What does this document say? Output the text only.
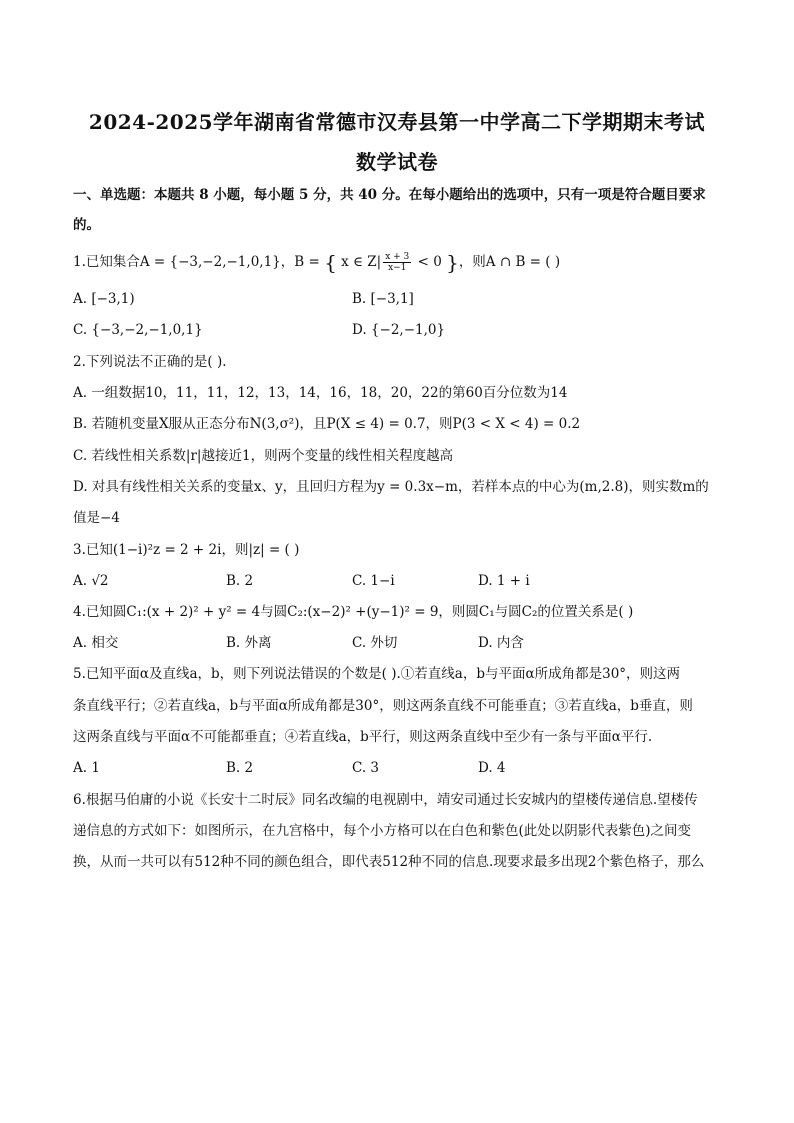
2024-2025学年湖南省常德市汉寿县第一中学高二下学期期末考试
数学试卷
一、单选题：本题共 8 小题，每小题 5 分，共 40 分。在每小题给出的选项中，只有一项是符合题目要求
的。
1.已知集合A = {−3,−2,−1,0,1}，B = { x ∈ $Z| \frac{x + 3}{x-1} < 0$ }，则A ∩ B = ( )
A. [−3,1)	B. [−3,1]
C. {−3,−2,−1,0,1}	D. {−2,−1,0}
2.下列说法不正确的是( ).
A. 一组数据10，11，11，12，13，14，16，18，20，22的第60百分位数为14
B. 若随机变量X服从正态分布N(3,σ²)，且P(X ≤ 4) = 0.7，则P(3 < X < 4) = 0.2
C. 若线性相关系数|r|越接近1，则两个变量的线性相关程度越高
D. 对具有线性相关关系的变量x、y，且回归方程为y = 0.3x−m，若样本点的中心为(m,2.8)，则实数m的
值是−4
3.已知(1−i)²z = 2 + 2i，则|z| = ( )
A. √2	B. 2	C. 1−i	D. 1 + i
4.已知圆C₁:(x + 2)² + y² = 4与圆C₂:(x−2)² +(y−1)² = 9，则圆C₁与圆C₂的位置关系是( )
A. 相交	B. 外离	C. 外切	D. 内含
5.已知平面α及直线a，b，则下列说法错误的个数是( ).①若直线a，b与平面α所成角都是30°，则这两
条直线平行；②若直线a，b与平面α所成角都是30°，则这两条直线不可能垂直；③若直线a，b垂直，则
这两条直线与平面α不可能都垂直；④若直线a，b平行，则这两条直线中至少有一条与平面α平行.
A. 1	B. 2	C. 3	D. 4
6.根据马伯庸的小说《长安十二时辰》同名改编的电视剧中，靖安司通过长安城内的望楼传递信息.望楼传
递信息的方式如下：如图所示，在九宫格中，每个小方格可以在白色和紫色(此处以阴影代表紫色)之间变
换，从而一共可以有512种不同的颜色组合，即代表512种不同的信息.现要求最多出现2个紫色格子，那么
